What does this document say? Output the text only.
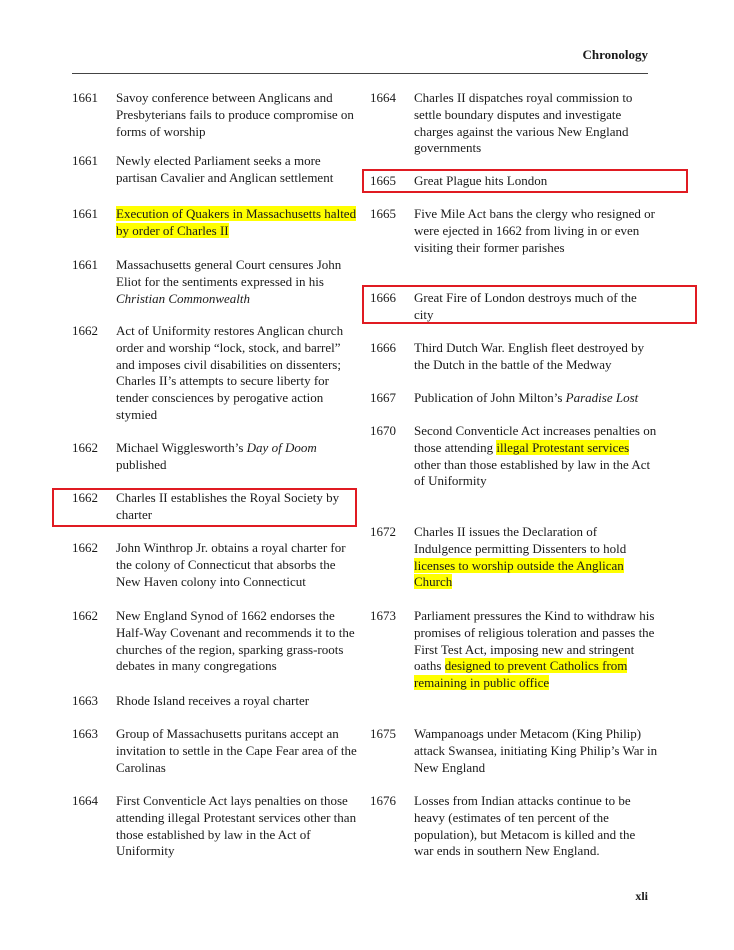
Chronology
1661	Savoy conference between Anglicans and Presbyterians fails to produce compromise on forms of worship
1661	Newly elected Parliament seeks a more partisan Cavalier and Anglican settlement
1661	Execution of Quakers in Massachusetts halted by order of Charles II
1661	Massachusetts general Court censures John Eliot for the sentiments expressed in his Christian Commonwealth
1662	Act of Uniformity restores Anglican church order and worship “lock, stock, and barrel” and imposes civil disabilities on dissenters; Charles II’s attempts to secure liberty for tender consciences by perogative action stymied
1662	Michael Wigglesworth’s Day of Doom published
1662	Charles II establishes the Royal Society by charter
1662	John Winthrop Jr. obtains a royal charter for the colony of Connecticut that absorbs the New Haven colony into Connecticut
1662	New England Synod of 1662 endorses the Half-Way Covenant and recommends it to the churches of the region, sparking grass-roots debates in many congregations
1663	Rhode Island receives a royal charter
1663	Group of Massachusetts puritans accept an invitation to settle in the Cape Fear area of the Carolinas
1664	First Conventicle Act lays penalties on those attending illegal Protestant services other than those established by law in the Act of Uniformity
1664	Charles II dispatches royal commission to settle boundary disputes and investigate charges against the various New England governments
1665	Great Plague hits London
1665	Five Mile Act bans the clergy who resigned or were ejected in 1662 from living in or even visiting their former parishes
1666	Great Fire of London destroys much of the city
1666	Third Dutch War. English fleet destroyed by the Dutch in the battle of the Medway
1667	Publication of John Milton’s Paradise Lost
1670	Second Conventicle Act increases penalties on those attending illegal Protestant services other than those established by law in the Act of Uniformity
1672	Charles II issues the Declaration of Indulgence permitting Dissenters to hold licenses to worship outside the Anglican Church
1673	Parliament pressures the Kind to withdraw his promises of religious toleration and passes the First Test Act, imposing new and stringent oaths designed to prevent Catholics from remaining in public office
1675	Wampanoags under Metacom (King Philip) attack Swansea, initiating King Philip’s War in New England
1676	Losses from Indian attacks continue to be heavy (estimates of ten percent of the population), but Metacom is killed and the war ends in southern New England.
xli
